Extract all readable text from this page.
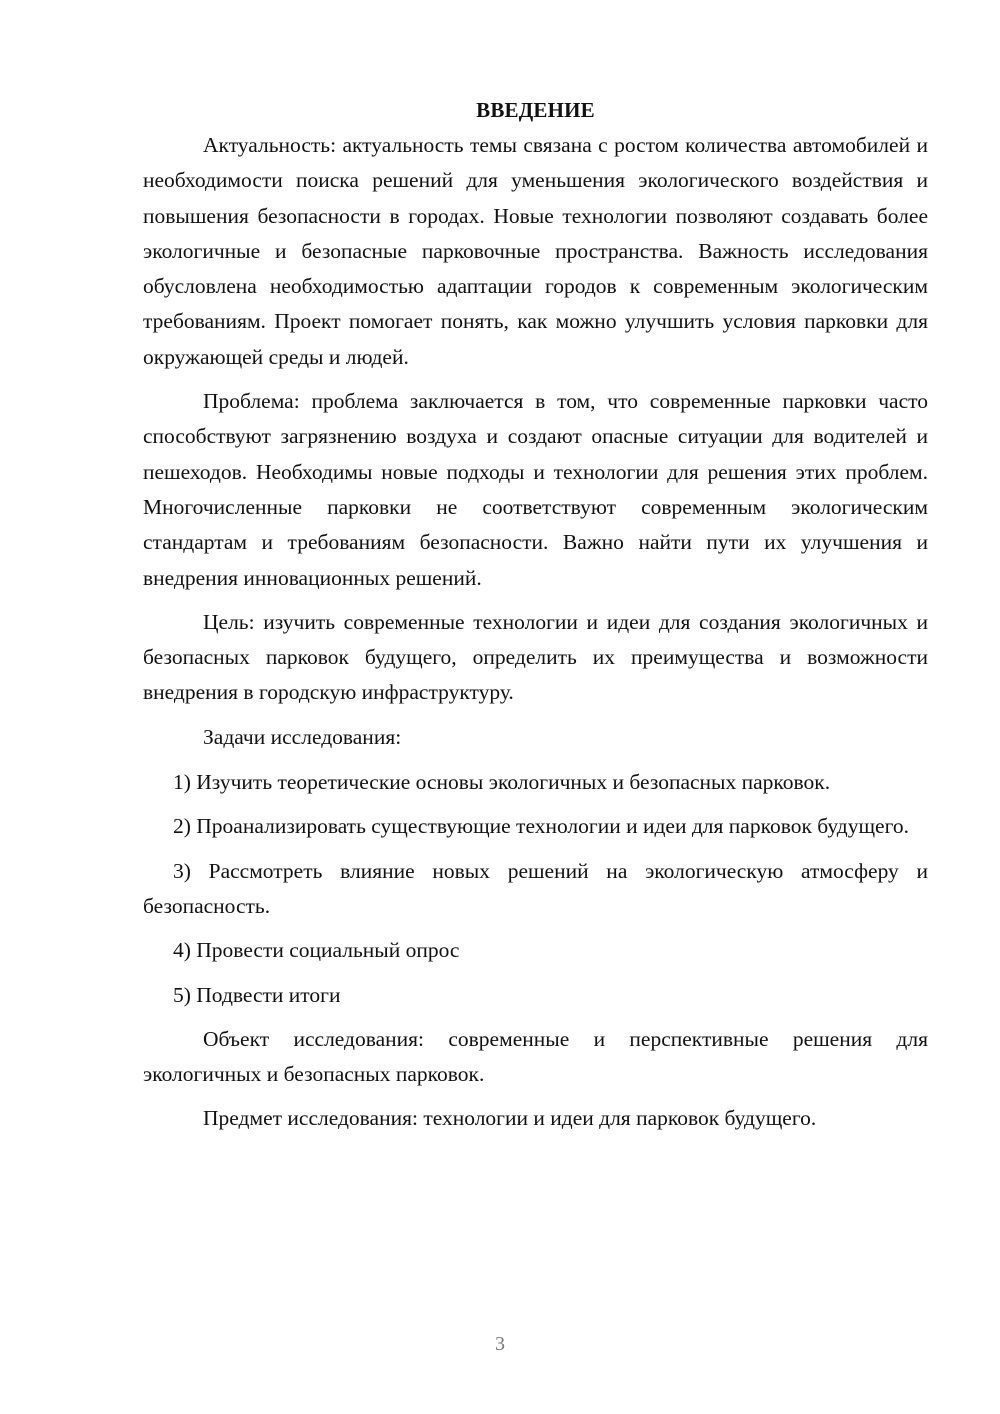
ВВЕДЕНИЕ

Актуальность: актуальность темы связана с ростом количества автомобилей и необходимости поиска решений для уменьшения экологического воздействия и повышения безопасности в городах. Новые технологии позволяют создавать более экологичные и безопасные парковочные пространства. Важность исследования обусловлена необходимостью адаптации городов к современным экологическим требованиям. Проект помогает понять, как можно улучшить условия парковки для окружающей среды и людей.

Проблема: проблема заключается в том, что современные парковки часто способствуют загрязнению воздуха и создают опасные ситуации для водителей и пешеходов. Необходимы новые подходы и технологии для решения этих проблем. Многочисленные парковки не соответствуют современным экологическим стандартам и требованиям безопасности. Важно найти пути их улучшения и внедрения инновационных решений.

Цель: изучить современные технологии и идеи для создания экологичных и безопасных парковок будущего, определить их преимущества и возможности внедрения в городскую инфраструктуру.

Задачи исследования:

1) Изучить теоретические основы экологичных и безопасных парковок.

2) Проанализировать существующие технологии и идеи для парковок будущего.

3) Рассмотреть влияние новых решений на экологическую атмосферу и безопасность.

4) Провести социальный опрос

5) Подвести итоги

Объект исследования: современные и перспективные решения для экологичных и безопасных парковок.

Предмет исследования: технологии и идеи для парковок будущего.

3
